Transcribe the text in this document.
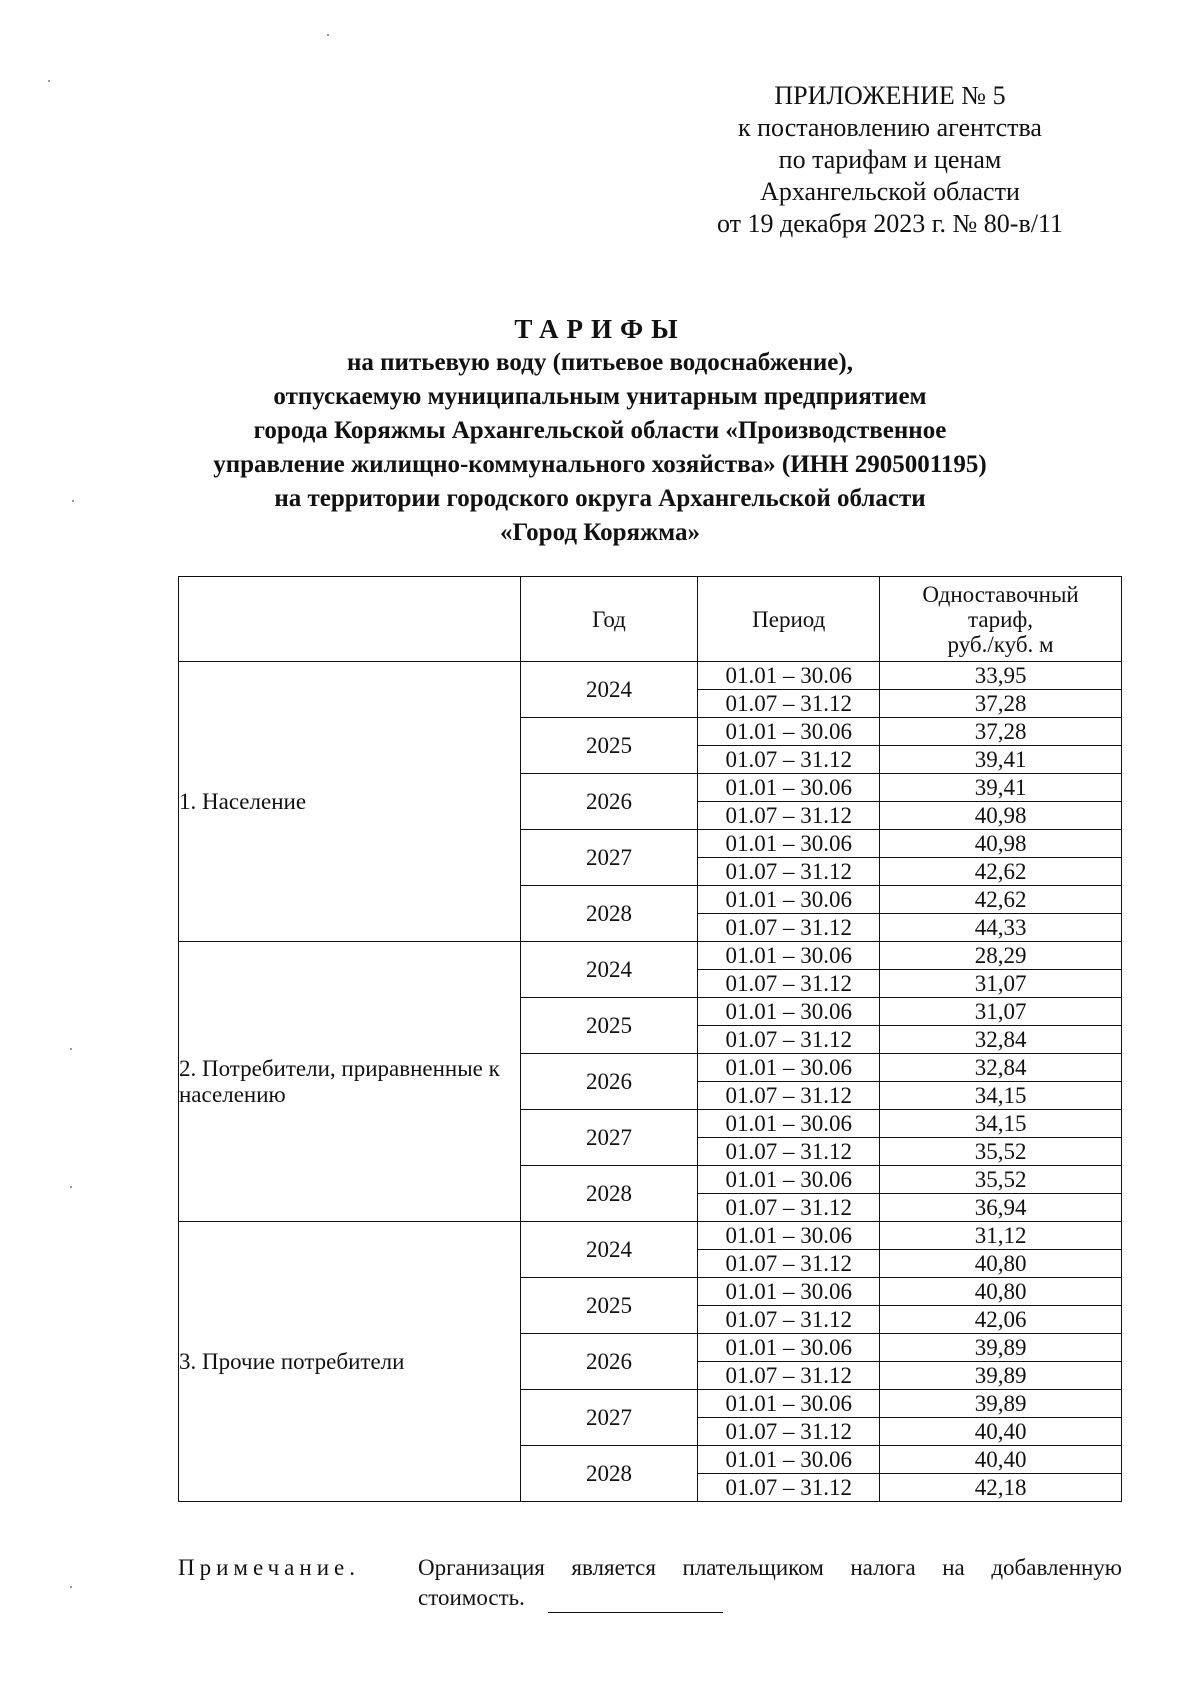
ПРИЛОЖЕНИЕ № 5
к постановлению агентства
по тарифам и ценам
Архангельской области
от 19 декабря 2023 г. № 80-в/11
ТАРИФЫ
на питьевую воду (питьевое водоснабжение),
отпускаемую муниципальным унитарным предприятием
города Коряжмы Архангельской области «Производственное
управление жилищно-коммунального хозяйства» (ИНН 2905001195)
на территории городского округа Архангельской области
«Город Коряжма»
	Год	Период	Одноставочный
тариф,
руб./куб. м

1. Население	2024	01.01 – 30.06	33,95
		01.07 – 31.12	37,28
	2025	01.01 – 30.06	37,28
		01.07 – 31.12	39,41
	2026	01.01 – 30.06	39,41
		01.07 – 31.12	40,98
	2027	01.01 – 30.06	40,98
		01.07 – 31.12	42,62
	2028	01.01 – 30.06	42,62
		01.07 – 31.12	44,33
2. Потребители, приравненные к населению	2024	01.01 – 30.06	28,29
		01.07 – 31.12	31,07
	2025	01.01 – 30.06	31,07
		01.07 – 31.12	32,84
	2026	01.01 – 30.06	32,84
		01.07 – 31.12	34,15
	2027	01.01 – 30.06	34,15
		01.07 – 31.12	35,52
	2028	01.01 – 30.06	35,52
		01.07 – 31.12	36,94
3. Прочие потребители	2024	01.01 – 30.06	31,12
		01.07 – 31.12	40,80
	2025	01.01 – 30.06	40,80
		01.07 – 31.12	42,06
	2026	01.01 – 30.06	39,89
		01.07 – 31.12	39,89
	2027	01.01 – 30.06	39,89
		01.07 – 31.12	40,40
	2028	01.01 – 30.06	40,40
		01.07 – 31.12	42,18
Примечание.	Организация является плательщиком налога на добавленную стоимость.
